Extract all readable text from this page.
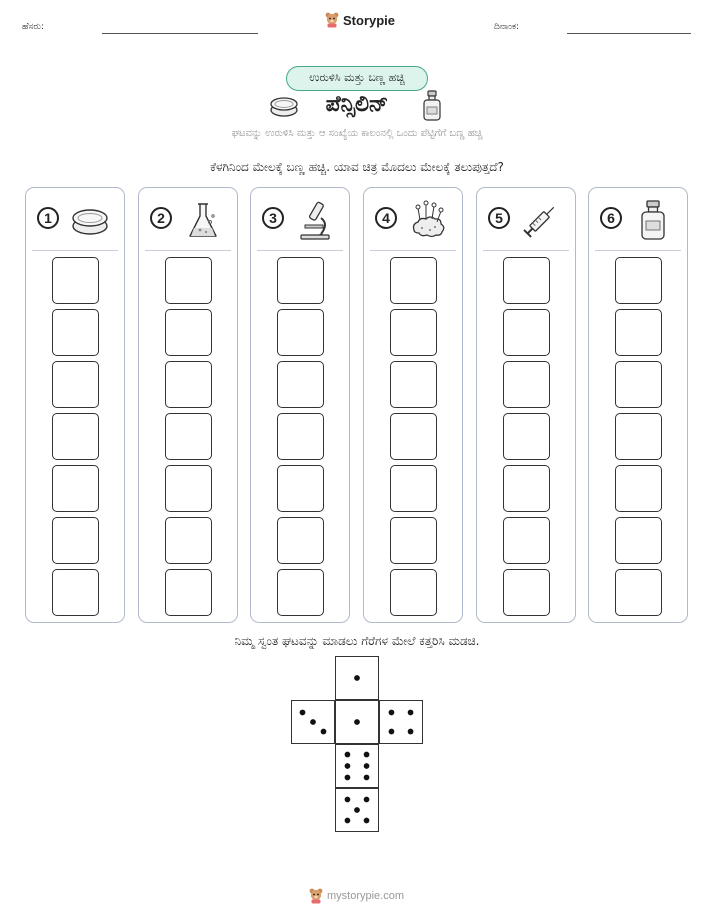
ಹೆಸರು:	Storypie	ದಿನಾಂಕ:
ಉರುಳಿಸಿ ಮತ್ತು ಬಣ್ಣ ಹಚ್ಚಿ
ಪೆನ್ಸಿಲಿನ್
ಘಟವನ್ನು ಉರುಳಿಸಿ ಮತ್ತು ಆ ಸಂಖ್ಯೆಯ ಕಾಲಂನಲ್ಲಿ ಒಂದು ಪೆಟ್ಟಿಗೆಗೆ ಬಣ್ಣ ಹಚ್ಚಿ
ಕೆಳಗಿನಿಂದ ಮೇಲಕ್ಕೆ ಬಣ್ಣ ಹಚ್ಚಿ. ಯಾವ ಚಿತ್ರ ಮೊದಲು ಮೇಲಕ್ಕೆ ತಲುಪುತ್ತದೆ?
1	2	3	4	5	6
ನಿಮ್ಮ ಸ್ವಂತ ಘಟವನ್ನು ಮಾಡಲು ಗೆರೆಗಳ ಮೇಲೆ ಕತ್ತರಿಸಿ ಮಡಚಿ.
mystorypie.com
